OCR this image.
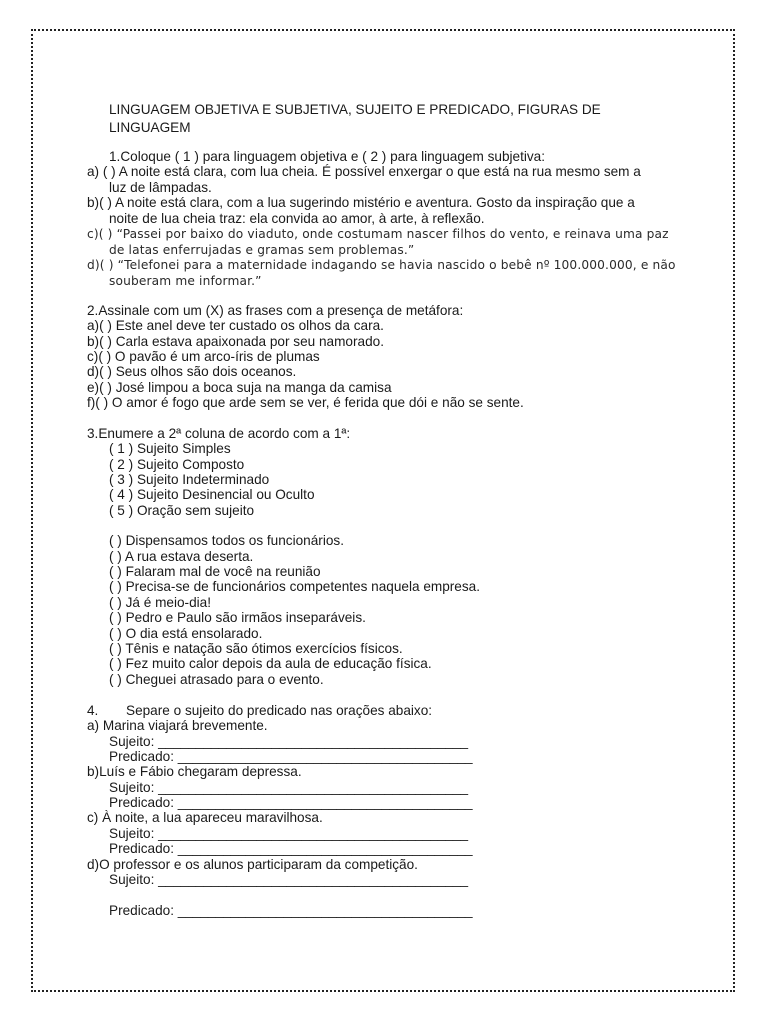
LINGUAGEM OBJETIVA E SUBJETIVA, SUJEITO E PREDICADO, FIGURAS DE
LINGUAGEM
1.Coloque ( 1 ) para linguagem objetiva e ( 2 ) para linguagem subjetiva:
a) ( ) A noite está clara, com lua cheia. É possível enxergar o que está na rua mesmo sem a
luz de lâmpadas.
b)( ) A noite está clara, com a lua sugerindo mistério e aventura. Gosto da inspiração que a
noite de lua cheia traz: ela convida ao amor, à arte, à reflexão.
c)( ) “Passei por baixo do viaduto, onde costumam nascer filhos do vento, e reinava uma paz
de latas enferrujadas e gramas sem problemas.”
d)( ) “Telefonei para a maternidade indagando se havia nascido o bebê nº 100.000.000, e não
souberam me informar.”
2.Assinale com um (X) as frases com a presença de metáfora:
a)( ) Este anel deve ter custado os olhos da cara.
b)( ) Carla estava apaixonada por seu namorado.
c)( ) O pavão é um arco-íris de plumas
d)( ) Seus olhos são dois oceanos.
e)( ) José limpou a boca suja na manga da camisa
f)( ) O amor é fogo que arde sem se ver, é ferida que dói e não se sente.
3.Enumere a 2ª coluna de acordo com a 1ª:
( 1 ) Sujeito Simples
( 2 ) Sujeito Composto
( 3 ) Sujeito Indeterminado
( 4 ) Sujeito Desinencial ou Oculto
( 5 ) Oração sem sujeito
( ) Dispensamos todos os funcionários.
( ) A rua estava deserta.
( ) Falaram mal de você na reunião
( ) Precisa-se de funcionários competentes naquela empresa.
( ) Já é meio-dia!
( ) Pedro e Paulo são irmãos inseparáveis.
( ) O dia está ensolarado.
( ) Tênis e natação são ótimos exercícios físicos.
( ) Fez muito calor depois da aula de educação física.
( ) Cheguei atrasado para o evento.
4. Separe o sujeito do predicado nas orações abaixo:
a) Marina viajará brevemente.
Sujeito: _________________________________________
Predicado: _______________________________________
b)Luís e Fábio chegaram depressa.
Sujeito: _________________________________________
Predicado: _______________________________________
c) À noite, a lua apareceu maravilhosa.
Sujeito: _________________________________________
Predicado: _______________________________________
d)O professor e os alunos participaram da competição.
Sujeito: _________________________________________
Predicado: _______________________________________
